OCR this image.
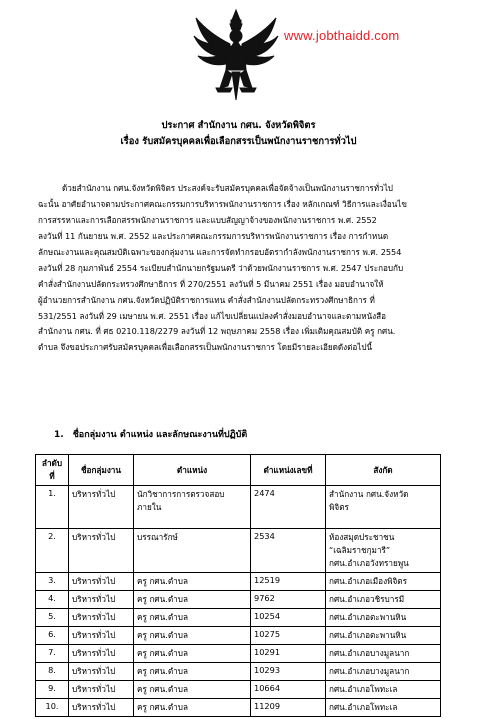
www.jobthaidd.com
ประกาศ สำนักงาน กศน. จังหวัดพิจิตร
เรื่อง รับสมัครบุคคลเพื่อเลือกสรรเป็นพนักงานราชการทั่วไป
ด้วยสำนักงาน กศน.จังหวัดพิจิตร ประสงค์จะรับสมัครบุคคลเพื่อจัดจ้างเป็นพนักงานราชการทั่วไป
ฉะนั้น อาศัยอำนาจตามประกาศคณะกรรมการบริหารพนักงานราชการ เรื่อง หลักเกณฑ์ วิธีการและเงื่อนไข
การสรรหาและการเลือกสรรพนักงานราชการ และแบบสัญญาจ้างของพนักงานราชการ พ.ศ. 2552
ลงวันที่ 11 กันยายน พ.ศ. 2552 และประกาศคณะกรรมการบริหารพนักงานราชการ เรื่อง การกำหนด
ลักษณะงานและคุณสมบัติเฉพาะของกลุ่มงาน และการจัดทำกรอบอัตรากำลังพนักงานราชการ พ.ศ. 2554
ลงวันที่ 28 กุมภาพันธ์ 2554 ระเบียบสำนักนายกรัฐมนตรี ว่าด้วยพนักงานราชการ พ.ศ. 2547 ประกอบกับ
คำสั่งสำนักงานปลัดกระทรวงศึกษาธิการ ที่ 270/2551 ลงวันที่ 5 มีนาคม 2551 เรื่อง มอบอำนาจให้
ผู้อำนวยการสำนักงาน กศน.จังหวัดปฏิบัติราชการแทน คำสั่งสำนักงานปลัดกระทรวงศึกษาธิการ ที่
531/2551 ลงวันที่ 29 เมษายน พ.ศ. 2551 เรื่อง แก้ไขเปลี่ยนแปลงคำสั่งมอบอำนาจและตามหนังสือ
สำนักงาน กศน. ที่ ศธ 0210.118/2279 ลงวันที่ 12 พฤษภาคม 2558 เรื่อง เพิ่มเติมคุณสมบัติ ครู กศน.
ตำบล จึงขอประกาศรับสมัครบุคคลเพื่อเลือกสรรเป็นพนักงานราชการ โดยมีรายละเอียดดังต่อไปนี้
1. ชื่อกลุ่มงาน ตำแหน่ง และลักษณะงานที่ปฏิบัติ
ลำดับ
ที่	ชื่อกลุ่มงาน	ตำแหน่ง	ตำแหน่งเลขที่	สังกัด
1.	บริหารทั่วไป	นักวิชาการการตรวจสอบภายใน	2474	สำนักงาน กศน.จังหวัด
พิจิตร

2.	บริหารทั่วไป	บรรณารักษ์	2534	ห้องสมุดประชาชน
“เฉลิมราชกุมารี”
กศน.อำเภอวังทรายพูน

3.	บริหารทั่วไป	ครู กศน.ตำบล	12519	กศน.อำเภอเมืองพิจิตร
4.	บริหารทั่วไป	ครู กศน.ตำบล	9762	กศน.อำเภอวชิรบารมี
5.	บริหารทั่วไป	ครู กศน.ตำบล	10254	กศน.อำเภอตะพานหิน
6.	บริหารทั่วไป	ครู กศน.ตำบล	10275	กศน.อำเภอตะพานหิน
7.	บริหารทั่วไป	ครู กศน.ตำบล	10291	กศน.อำเภอบางมูลนาก
8.	บริหารทั่วไป	ครู กศน.ตำบล	10293	กศน.อำเภอบางมูลนาก
9.	บริหารทั่วไป	ครู กศน.ตำบล	10664	กศน.อำเภอโพทะเล
10.	บริหารทั่วไป	ครู กศน.ตำบล	11209	กศน.อำเภอโพทะเล
